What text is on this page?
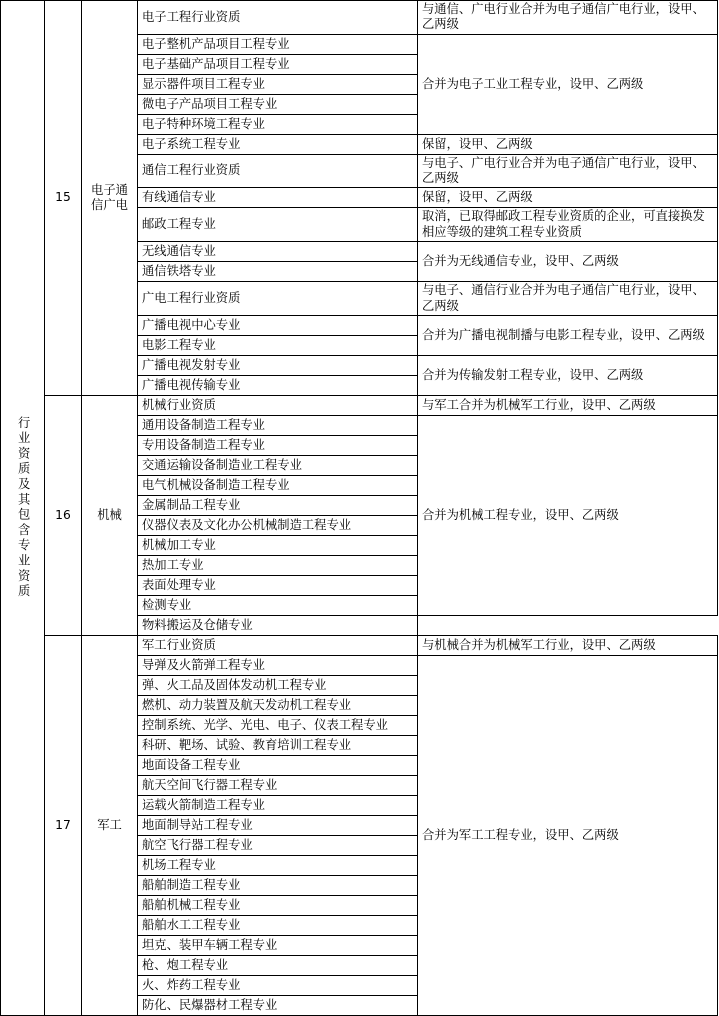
行业资质及其包含专业资质	15	电子通信广电	电子工程行业资质	与通信、广电行业合并为电子通信广电行业，设甲、乙两级
			电子整机产品项目工程专业	合并为电子工业工程专业，设甲、乙两级
			电子基础产品项目工程专业	
			显示器件项目工程专业	
			微电子产品项目工程专业	
			电子特种环境工程专业	
			电子系统工程专业	保留，设甲、乙两级
			通信工程行业资质	与电子、广电行业合并为电子通信广电行业，设甲、乙两级
			有线通信专业	保留，设甲、乙两级
			邮政工程专业	取消，已取得邮政工程专业资质的企业，可直接换发相应等级的建筑工程专业资质
			无线通信专业	合并为无线通信专业，设甲、乙两级
			通信铁塔专业	
			广电工程行业资质	与电子、通信行业合并为电子通信广电行业，设甲、乙两级
			广播电视中心专业	合并为广播电视制播与电影工程专业，设甲、乙两级
			电影工程专业	
			广播电视发射专业	合并为传输发射工程专业，设甲、乙两级
			广播电视传输专业	
	16	机械	机械行业资质	与军工合并为机械军工行业，设甲、乙两级
			通用设备制造工程专业	合并为机械工程专业，设甲、乙两级
			专用设备制造工程专业	
			交通运输设备制造业工程专业	
			电气机械设备制造工程专业	
			金属制品工程专业	
			仪器仪表及文化办公机械制造工程专业	
			机械加工专业	
			热加工专业	
			表面处理专业	
			检测专业	
			物料搬运及仓储专业	
	17	军工	军工行业资质	与机械合并为机械军工行业，设甲、乙两级
			导弹及火箭弹工程专业	合并为军工工程专业，设甲、乙两级
			弹、火工品及固体发动机工程专业	
			燃机、动力装置及航天发动机工程专业	
			控制系统、光学、光电、电子、仪表工程专业	
			科研、靶场、试验、教育培训工程专业	
			地面设备工程专业	
			航天空间飞行器工程专业	
			运载火箭制造工程专业	
			地面制导站工程专业	
			航空飞行器工程专业	
			机场工程专业	
			船舶制造工程专业	
			船舶机械工程专业	
			船舶水工工程专业	
			坦克、装甲车辆工程专业	
			枪、炮工程专业	
			火、炸药工程专业	
			防化、民爆器材工程专业	
